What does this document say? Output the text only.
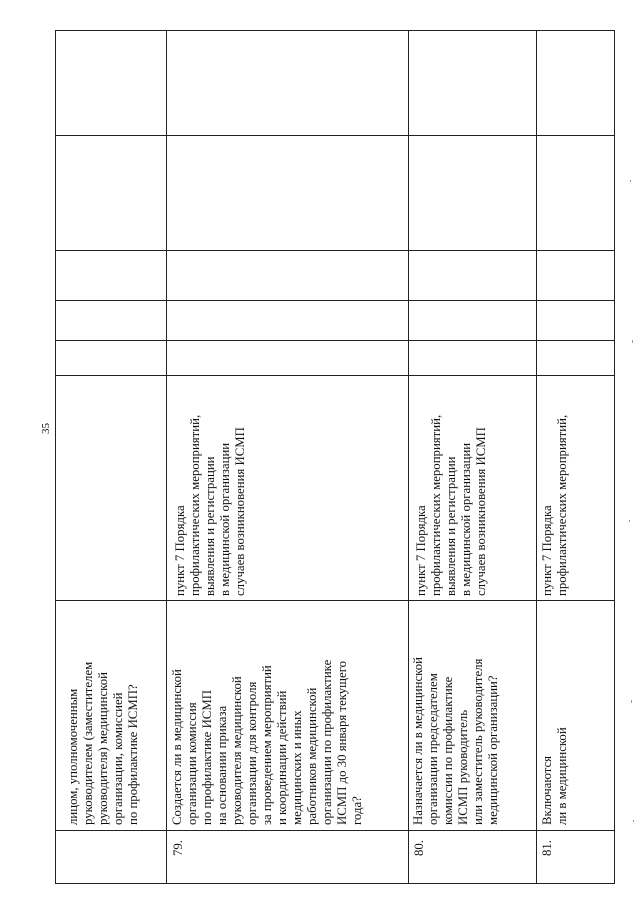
35
лицом, уполномоченным
руководителем (заместителем
руководителя) медицинской
организации, комиссией
по профилактике ИСМП?
79.
Создается ли в медицинской
организации комиссия
по профилактике ИСМП
на основании приказа
руководителя медицинской
организации для контроля
за проведением мероприятий
и координации действий
медицинских и иных
работников медицинской
организации по профилактике
ИСМП до 30 января текущего
года?
пункт 7 Порядка
профилактических мероприятий,
выявления и регистрации
в медицинской организации
случаев возникновения ИСМП
80.
Назначается ли в медицинской
организации председателем
комиссии по профилактике
ИСМП руководитель
или заместитель руководителя
медицинской организации?
пункт 7 Порядка
профилактических мероприятий,
выявления и регистрации
в медицинской организации
случаев возникновения ИСМП
81.
Включаются
ли в медицинской
пункт 7 Порядка
профилактических мероприятий,
